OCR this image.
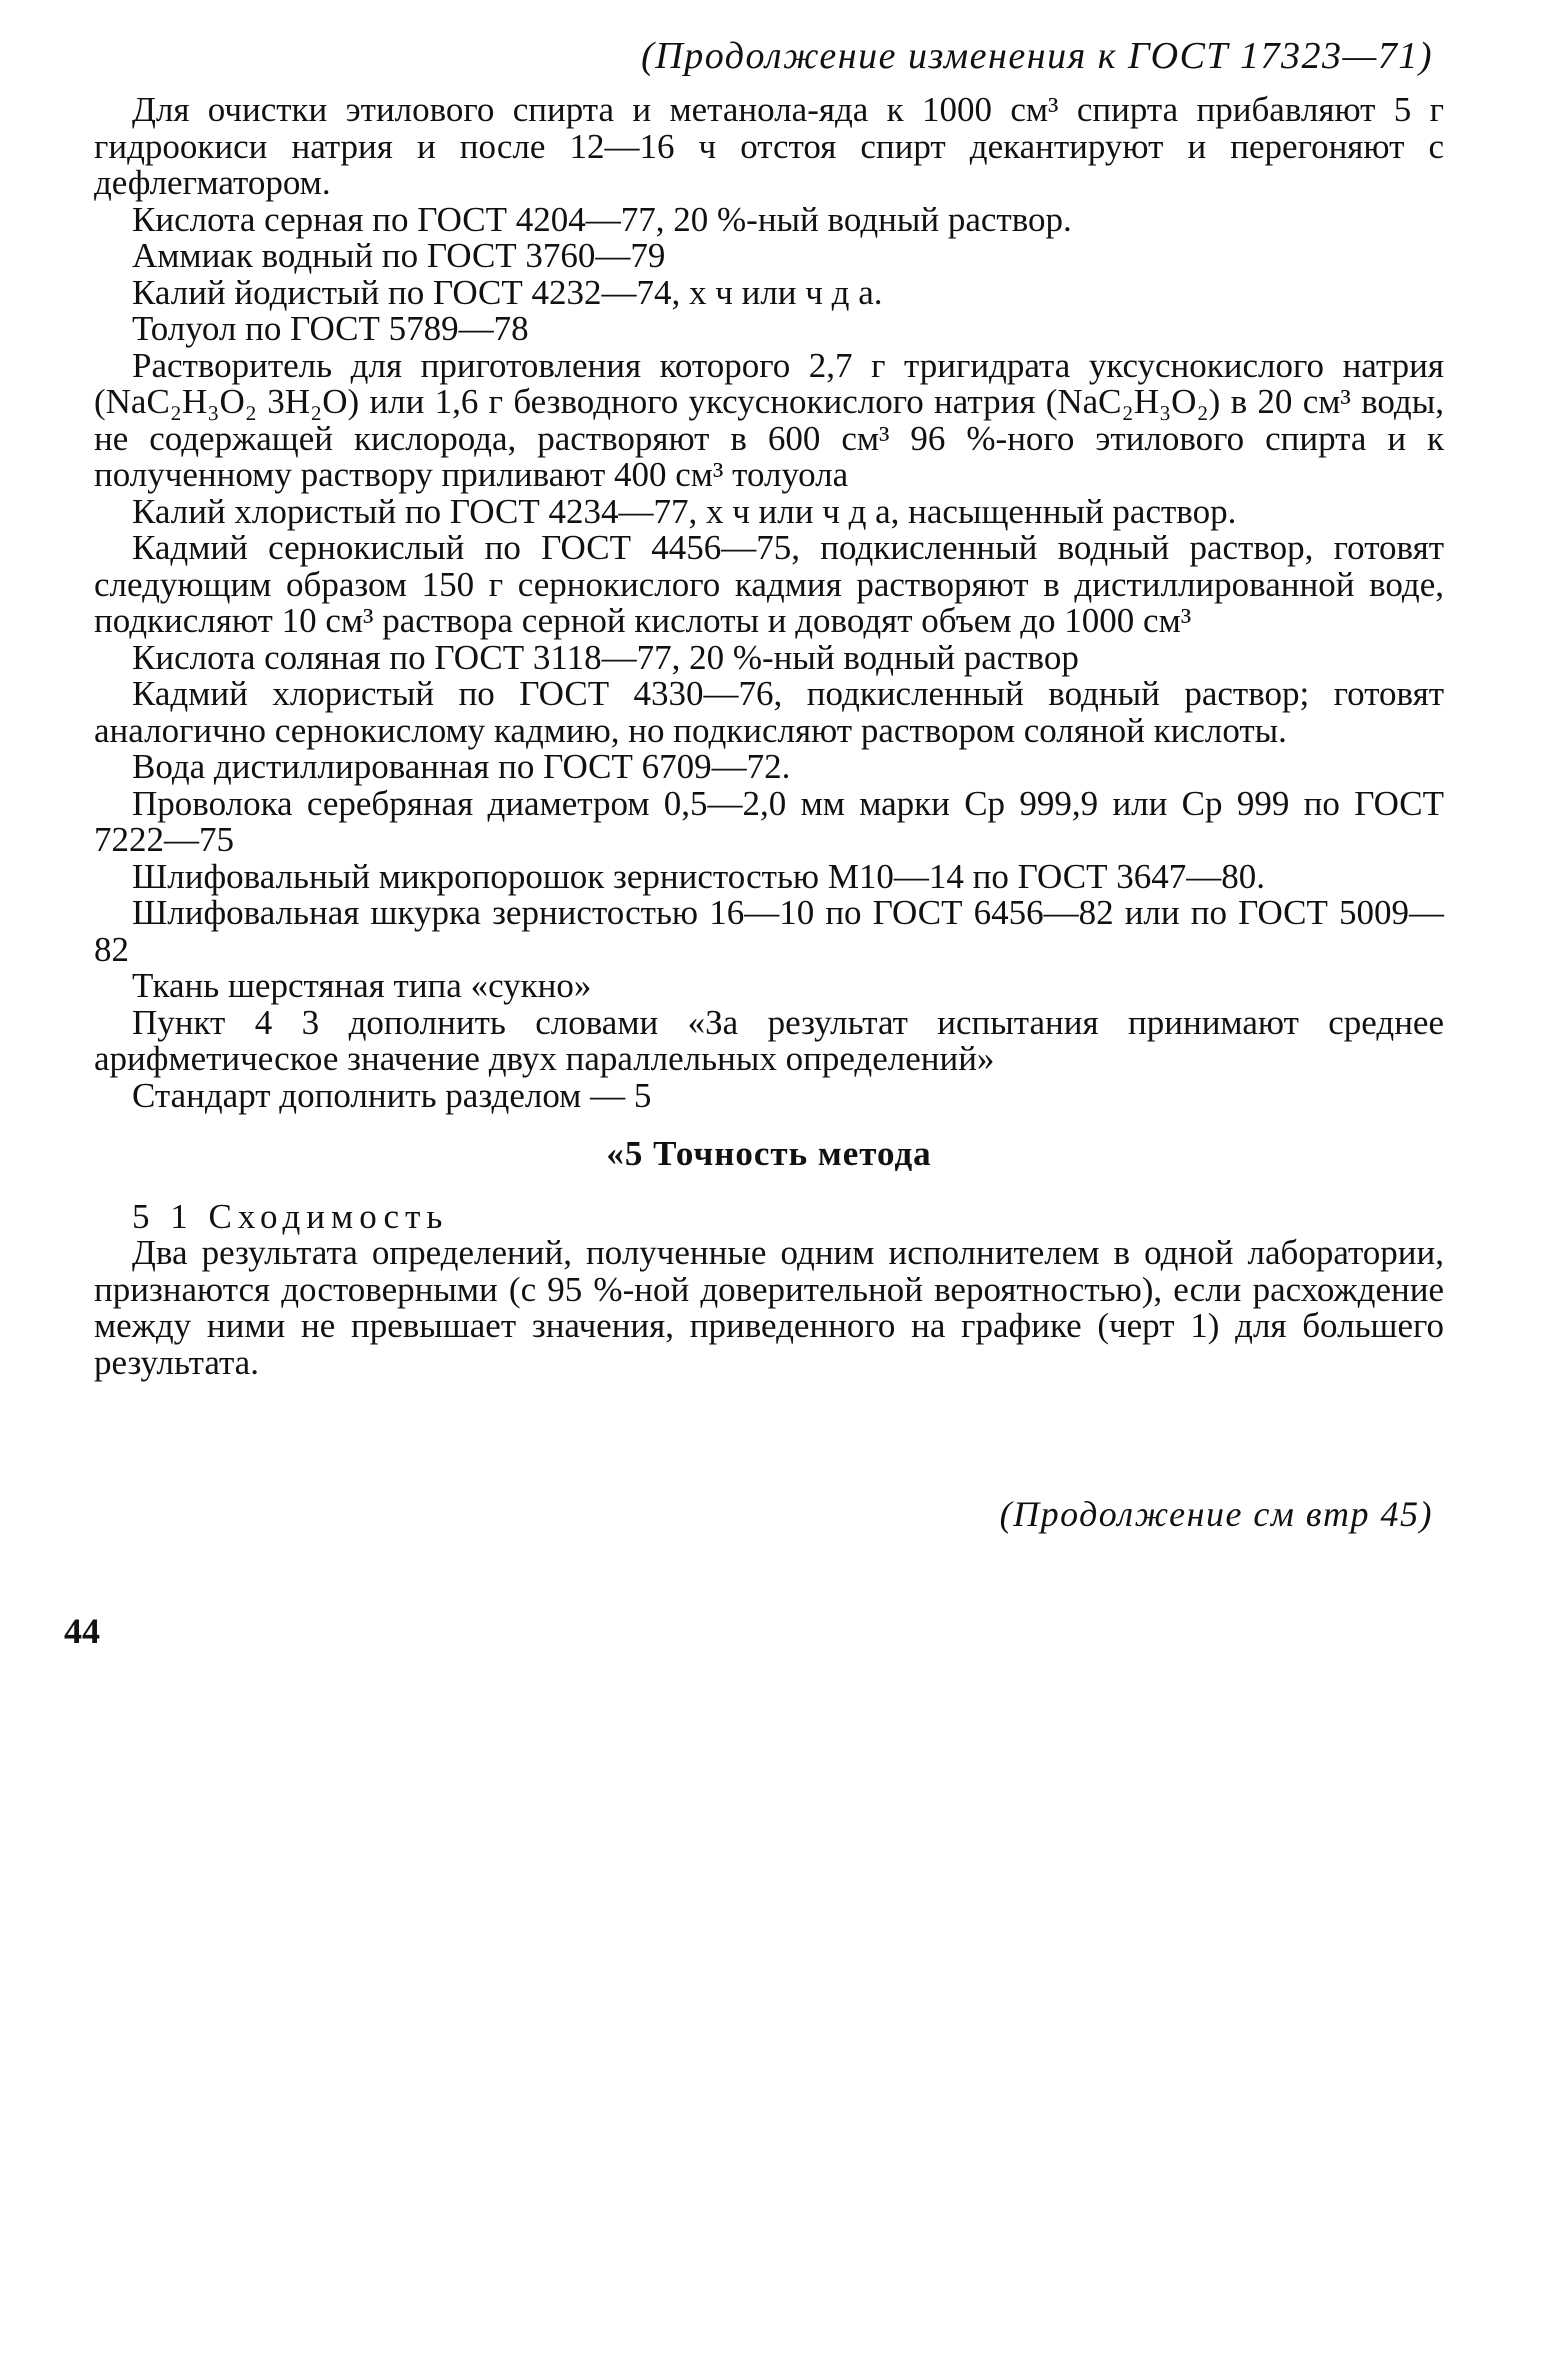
(Продолжение изменения к ГОСТ 17323—71)

Для очистки этилового спирта и метанола-яда к 1000 см³ спирта прибавляют 5 г гидроокиси натрия и после 12—16 ч отстоя спирт декантируют и перегоняют с дефлегматором.

Кислота серная по ГОСТ 4204—77, 20 %-ный водный раствор.

Аммиак водный по ГОСТ 3760—79

Калий йодистый по ГОСТ 4232—74, х ч или ч д а.

Толуол по ГОСТ 5789—78

Растворитель для приготовления которого 2,7 г тригидрата уксуснокислого натрия (NaC₂H₃O₂ 3H₂O) или 1,6 г безводного уксуснокислого натрия (NaC₂H₃O₂) в 20 см³ воды, не содержащей кислорода, растворяют в 600 см³ 96 %-ного этилового спирта и к полученному раствору приливают 400 см³ толуола

Калий хлористый по ГОСТ 4234—77, х ч или ч д а, насыщенный раствор.

Кадмий сернокислый по ГОСТ 4456—75, подкисленный водный раствор, готовят следующим образом 150 г сернокислого кадмия растворяют в дистиллированной воде, подкисляют 10 см³ раствора серной кислоты и доводят объем до 1000 см³

Кислота соляная по ГОСТ 3118—77, 20 %-ный водный раствор

Кадмий хлористый по ГОСТ 4330—76, подкисленный водный раствор; готовят аналогично сернокислому кадмию, но подкисляют раствором соляной кислоты.

Вода дистиллированная по ГОСТ 6709—72.

Проволока серебряная диаметром 0,5—2,0 мм марки Ср 999,9 или Ср 999 по ГОСТ 7222—75

Шлифовальный микропорошок зернистостью М10—14 по ГОСТ 3647—80.

Шлифовальная шкурка зернистостью 16—10 по ГОСТ 6456—82 или по ГОСТ 5009—82

Ткань шерстяная типа «сукно»

Пункт 4 3 дополнить словами «За результат испытания принимают среднее арифметическое значение двух параллельных определений»

Стандарт дополнить разделом — 5

«5 Точность метода

5 1 Сходимость

Два результата определений, полученные одним исполнителем в одной лаборатории, признаются достоверными (с 95 %-ной доверительной вероятностью), если расхождение между ними не превышает значения, приведенного на графике (черт 1) для большего результата.

(Продолжение см втр 45)
44
